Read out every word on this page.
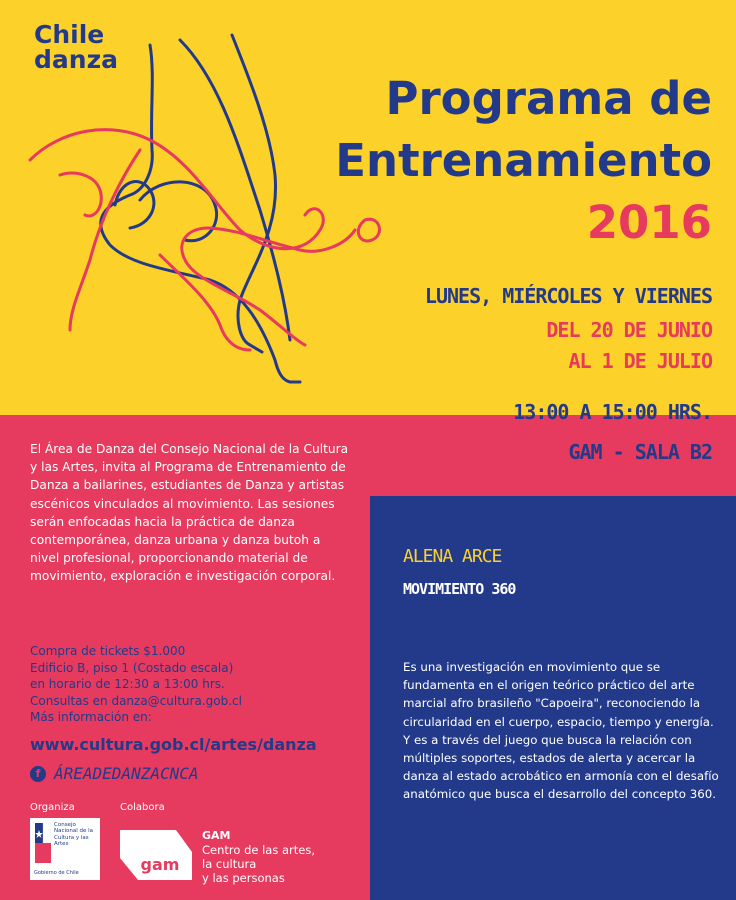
Chile
danza
Programa de
Entrenamiento
2016
LUNES, MIÉRCOLES Y VIERNES
DEL 20 DE JUNIO
AL 1 DE JULIO
13:00 A 15:00 HRS.
GAM - SALA B2
El Área de Danza del Consejo Nacional de la Cultura y las Artes, invita al Programa de Entrenamiento de Danza a bailarines, estudiantes de Danza y artistas escénicos vinculados al movimiento. Las sesiones serán enfocadas hacia la práctica de danza contemporánea, danza urbana y danza butoh a nivel profesional, proporcionando material de movimiento, exploración e investigación corporal.
Compra de tickets $1.000
Edificio B, piso 1 (Costado escala)
en horario de 12:30 a 13:00 hrs.
Consultas en danza@cultura.gob.cl
Más información en:
www.cultura.gob.cl/artes/danza
f ÁREADEDANZACNCA
Organiza	Colabora
Consejo Nacional de la Cultura y las Artes
Gobierno de Chile	gam
GAM
Centro de las artes,
la cultura
y las personas
ALENA ARCE
MOVIMIENTO 360
Es una investigación en movimiento que se fundamenta en el origen teórico práctico del arte marcial afro brasileño "Capoeira", reconociendo la circularidad en el cuerpo, espacio, tiempo y energía. Y es a través del juego que busca la relación con múltiples soportes, estados de alerta y acercar la danza al estado acrobático en armonía con el desafío anatómico que busca el desarrollo del concepto 360.
